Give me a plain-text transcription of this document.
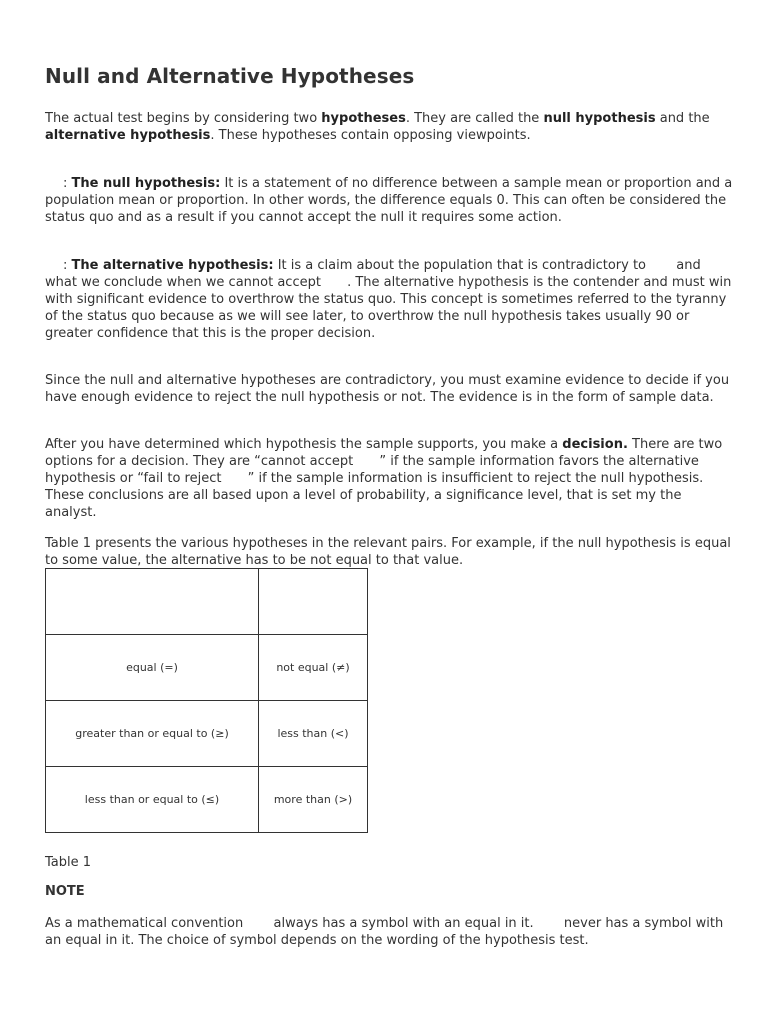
Null and Alternative Hypotheses

The actual test begins by considering two hypotheses. They are called the null hypothesis and the alternative hypothesis. These hypotheses contain opposing viewpoints.

: The null hypothesis: It is a statement of no difference between a sample mean or proportion and a population mean or proportion. In other words, the difference equals 0. This can often be considered the status quo and as a result if you cannot accept the null it requires some action.

: The alternative hypothesis: It is a claim about the population that is contradictory to  and what we conclude when we cannot accept . The alternative hypothesis is the contender and must win with significant evidence to overthrow the status quo. This concept is sometimes referred to the tyranny of the status quo because as we will see later, to overthrow the null hypothesis takes usually 90 or greater confidence that this is the proper decision.

Since the null and alternative hypotheses are contradictory, you must examine evidence to decide if you have enough evidence to reject the null hypothesis or not. The evidence is in the form of sample data.

After you have determined which hypothesis the sample supports, you make a decision. There are two options for a decision. They are “cannot accept ” if the sample information favors the alternative hypothesis or “fail to reject ” if the sample information is insufficient to reject the null hypothesis. These conclusions are all based upon a level of probability, a significance level, that is set my the analyst.

Table 1 presents the various hypotheses in the relevant pairs. For example, if the null hypothesis is equal to some value, the alternative has to be not equal to that value.

equal (=)	not equal (≠)
greater than or equal to (≥)	less than (<)
less than or equal to (≤)	more than (>)
Table 1
NOTE

As a mathematical convention  always has a symbol with an equal in it.  never has a symbol with an equal in it. The choice of symbol depends on the wording of the hypothesis test.
